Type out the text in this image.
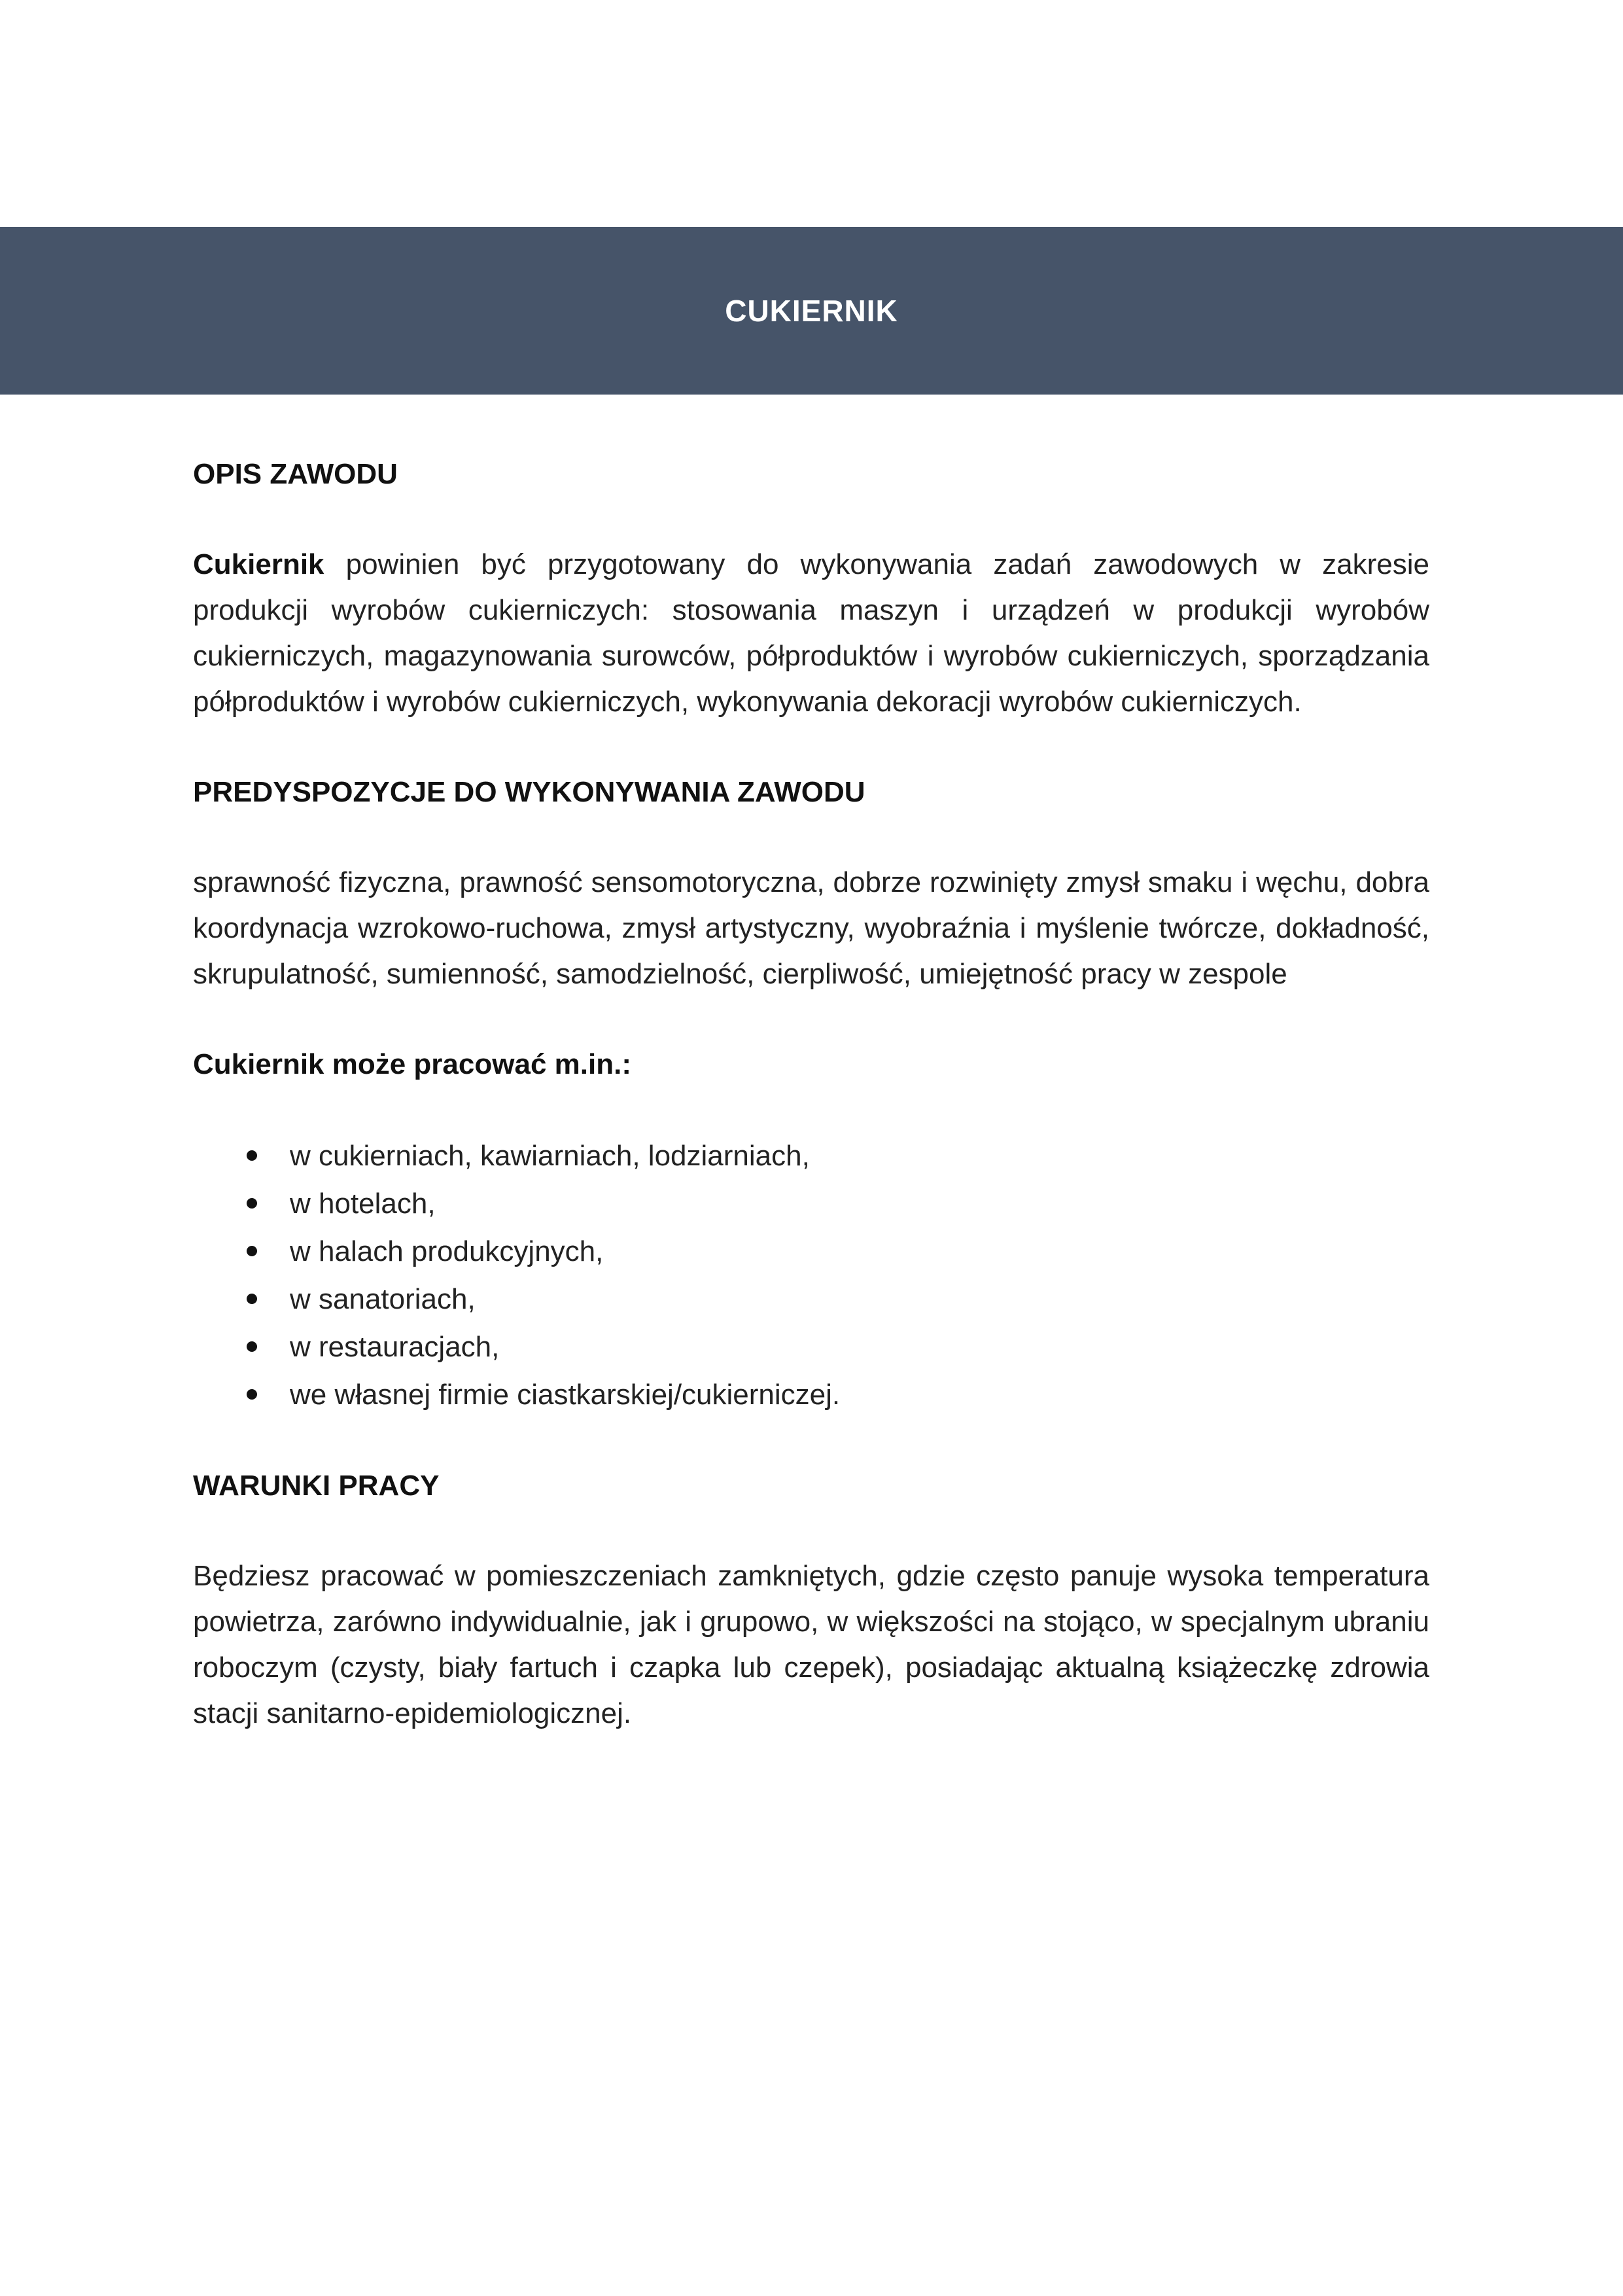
CUKIERNIK

OPIS ZAWODU

Cukiernik powinien być przygotowany do wykonywania zadań zawodowych w zakresie produkcji wyrobów cukierniczych: stosowania maszyn i urządzeń w produkcji wyrobów cukierniczych, magazynowania surowców, półproduktów i wyrobów cukierniczych, sporządzania półproduktów i wyrobów cukierniczych, wykonywania dekoracji wyrobów cukierniczych.

PREDYSPOZYCJE DO WYKONYWANIA ZAWODU

sprawność fizyczna, prawność sensomotoryczna, dobrze rozwinięty zmysł smaku i węchu, dobra koordynacja wzrokowo-ruchowa, zmysł artystyczny, wyobraźnia i myślenie twórcze, dokładność, skrupulatność, sumienność, samodzielność, cierpliwość, umiejętność pracy w zespole

Cukiernik może pracować m.in.:

w cukierniach, kawiarniach, lodziarniach,
w hotelach,
w halach produkcyjnych,
w sanatoriach,
w restauracjach,
we własnej firmie ciastkarskiej/cukierniczej.

WARUNKI PRACY

Będziesz pracować w pomieszczeniach zamkniętych, gdzie często panuje wysoka temperatura powietrza, zarówno indywidualnie, jak i grupowo, w większości na stojąco, w specjalnym ubraniu roboczym (czysty, biały fartuch i czapka lub czepek), posiadając aktualną książeczkę zdrowia stacji sanitarno-epidemiologicznej.
